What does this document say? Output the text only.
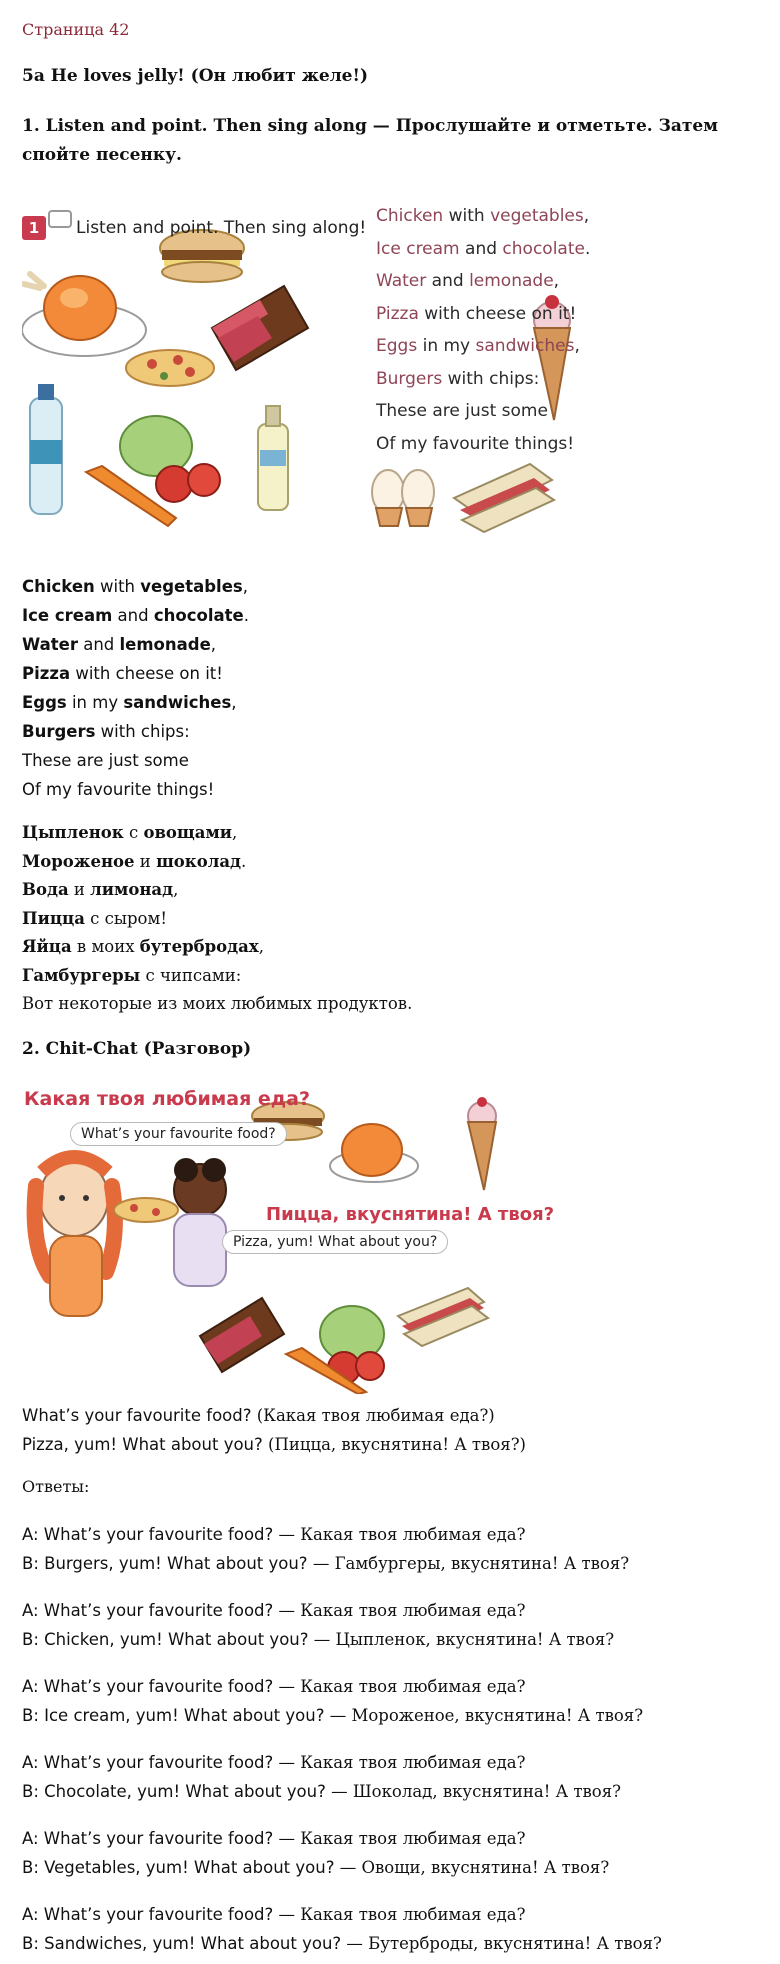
Страница 42
5a He loves jelly! (Он любит желе!)
1. Listen and point. Then sing along — Прослушайте и отметьте. Затем спойте песенку.
1	Listen and point. Then sing along!
Chicken with vegetables,
Ice cream and chocolate.
Water and lemonade,
Pizza with cheese on it!
Eggs in my sandwiches,
Burgers with chips:
These are just some
Of my favourite things!
Chicken with vegetables,
Ice cream and chocolate.
Water and lemonade,
Pizza with cheese on it!
Eggs in my sandwiches,
Burgers with chips:
These are just some
Of my favourite things!
Цыпленок с овощами,
Мороженое и шоколад.
Вода и лимонад,
Пицца с сыром!
Яйца в моих бутербродах,
Гамбургеры с чипсами:
Вот некоторые из моих любимых продуктов.
2. Chit-Chat (Разговор)
Какая твоя любимая еда?
What’s your favourite food?
Пицца, вкуснятина! А твоя?
Pizza, yum! What about you?
What’s your favourite food? (Какая твоя любимая еда?)
Pizza, yum! What about you? (Пицца, вкуснятина! А твоя?)
Ответы:
A: What’s your favourite food? — Какая твоя любимая еда?
B: Burgers, yum! What about you? — Гамбургеры, вкуснятина! А твоя?
A: What’s your favourite food? — Какая твоя любимая еда?
B: Chicken, yum! What about you? — Цыпленок, вкуснятина! А твоя?
A: What’s your favourite food? — Какая твоя любимая еда?
B: Ice cream, yum! What about you? — Мороженое, вкуснятина! А твоя?
A: What’s your favourite food? — Какая твоя любимая еда?
B: Chocolate, yum! What about you? — Шоколад, вкуснятина! А твоя?
A: What’s your favourite food? — Какая твоя любимая еда?
B: Vegetables, yum! What about you? — Овощи, вкуснятина! А твоя?
A: What’s your favourite food? — Какая твоя любимая еда?
B: Sandwiches, yum! What about you? — Бутерброды, вкуснятина! А твоя?
